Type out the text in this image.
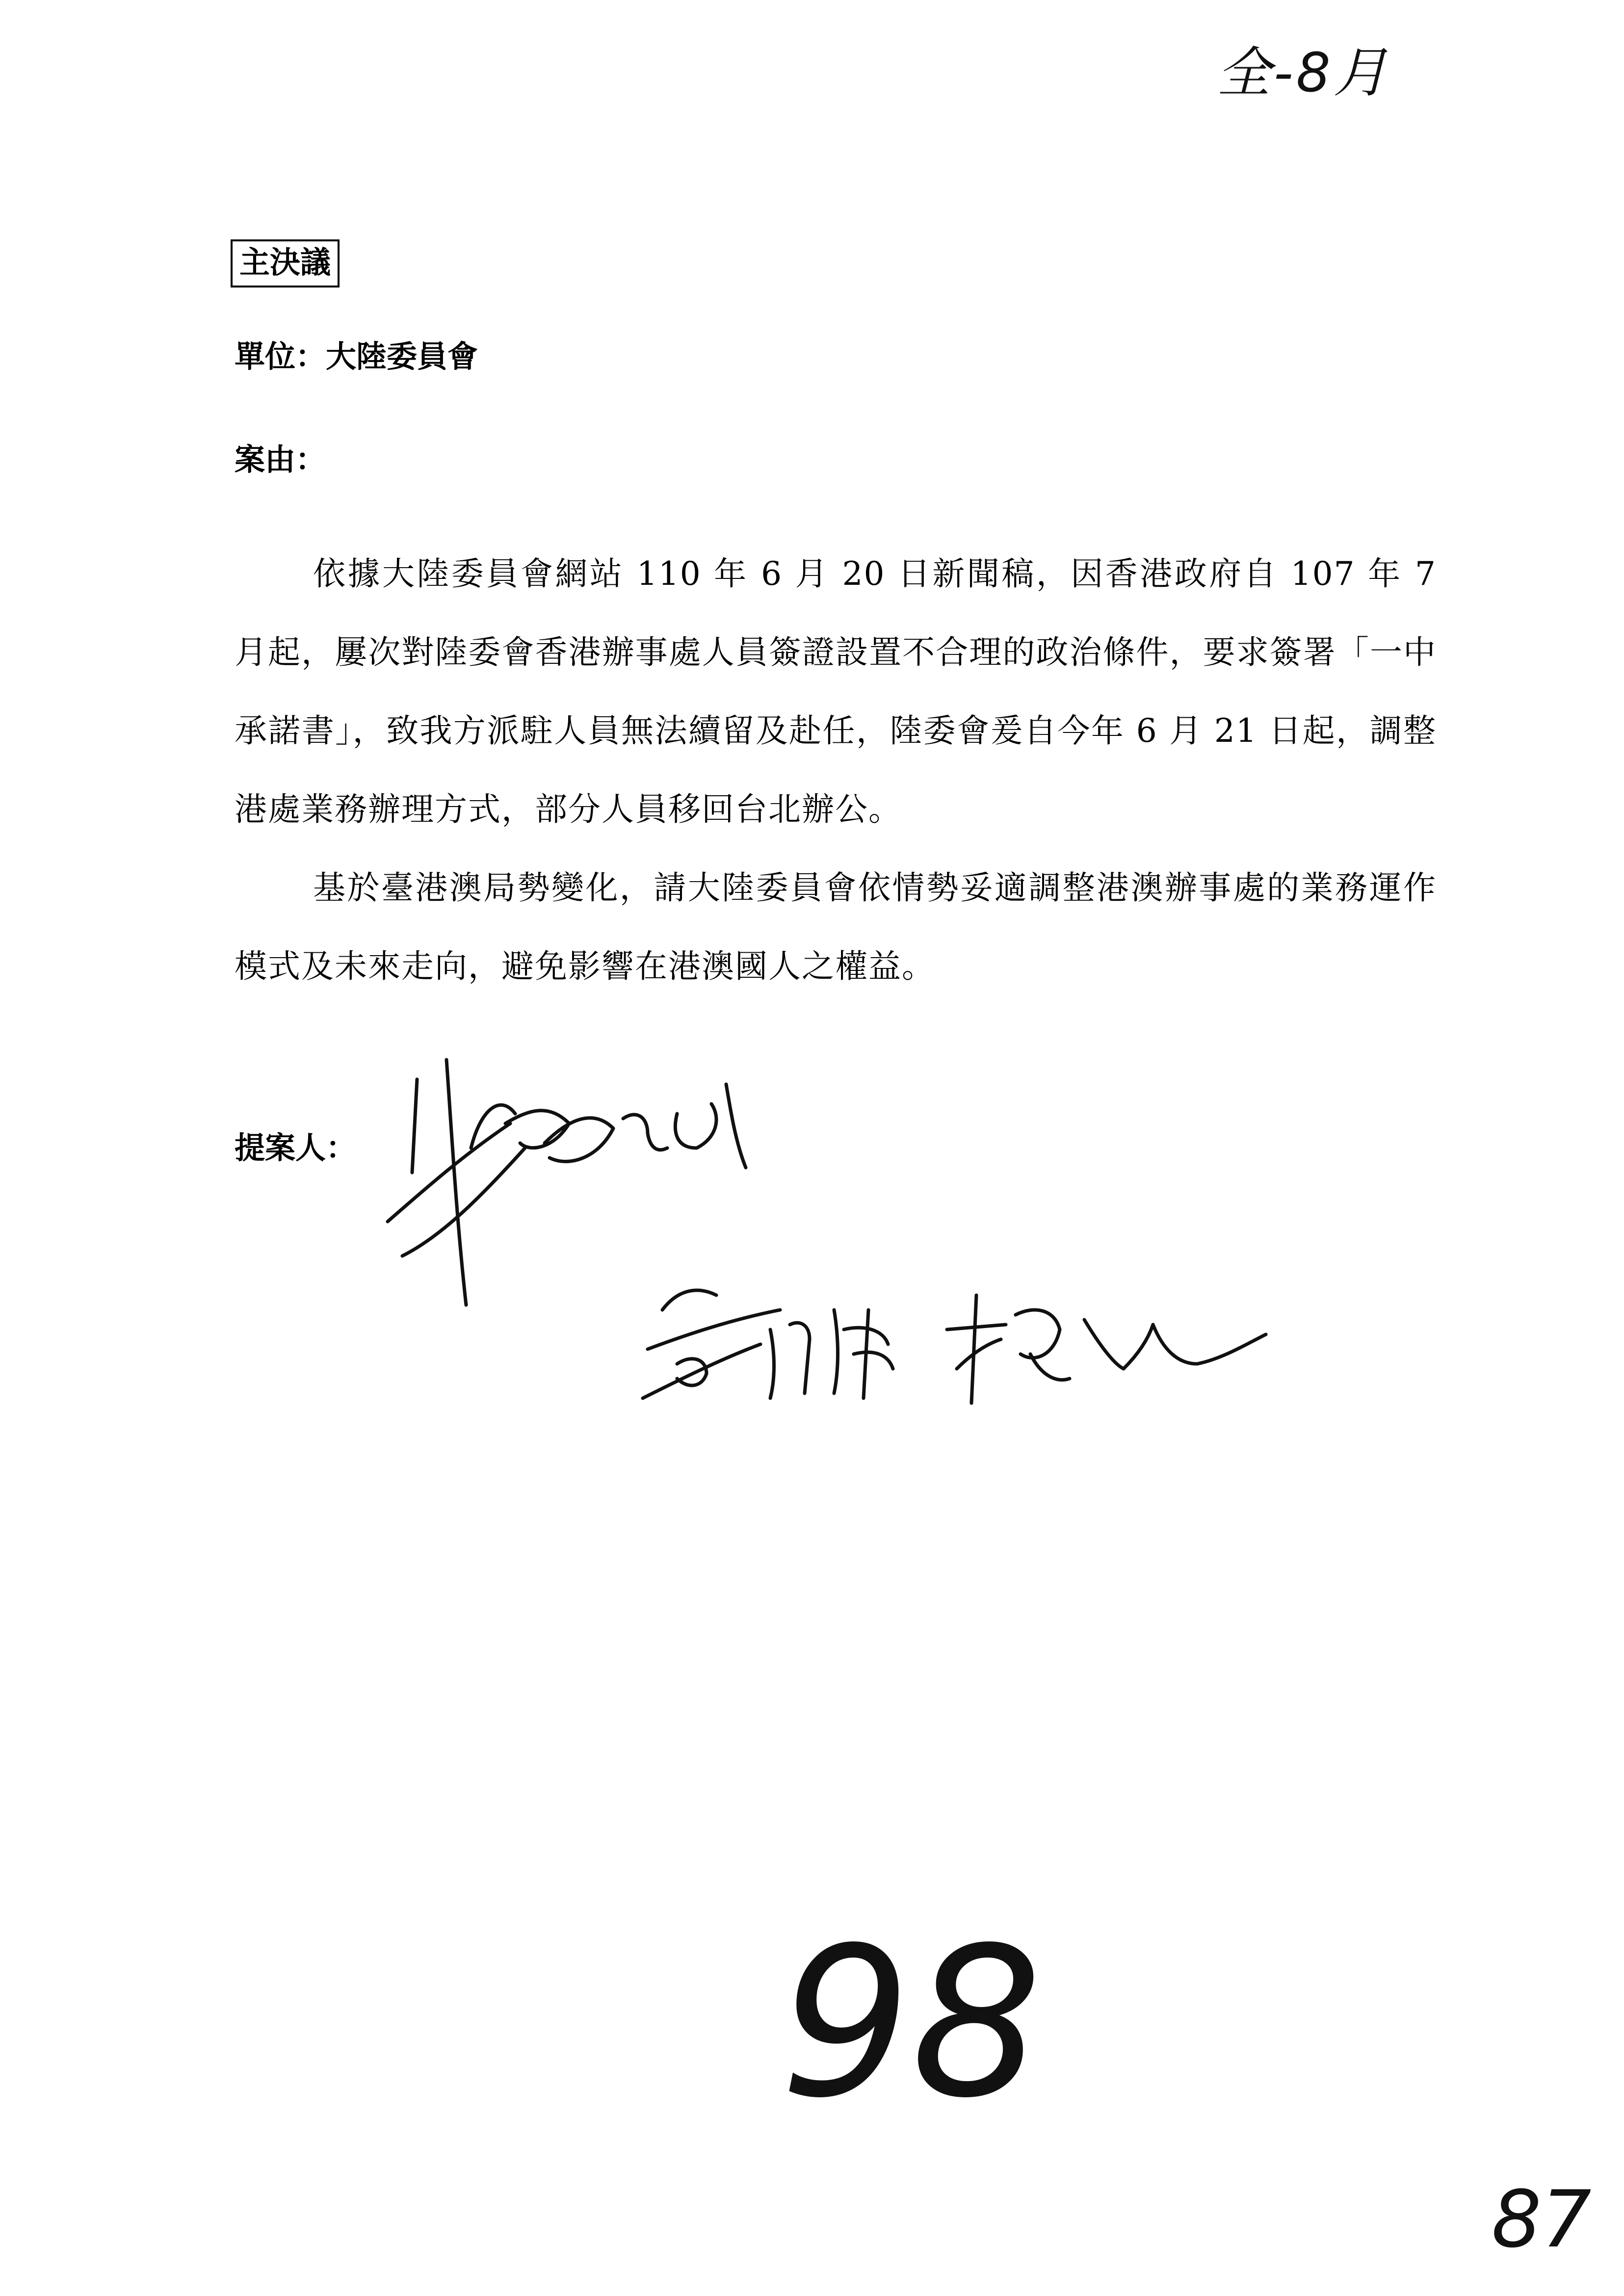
全-8月
主決議
單位：大陸委員會
案由：

依據大陸委員會網站 110 年 6 月 20 日新聞稿，因香港政府自 107 年 7 月起，屢次對陸委會香港辦事處人員簽證設置不合理的政治條件，要求簽署「一中承諾書」，致我方派駐人員無法續留及赴任，陸委會爰自今年 6 月 21 日起，調整港處業務辦理方式，部分人員移回台北辦公。

基於臺港澳局勢變化，請大陸委員會依情勢妥適調整港澳辦事處的業務運作模式及未來走向，避免影響在港澳國人之權益。

提案人：
98
87
